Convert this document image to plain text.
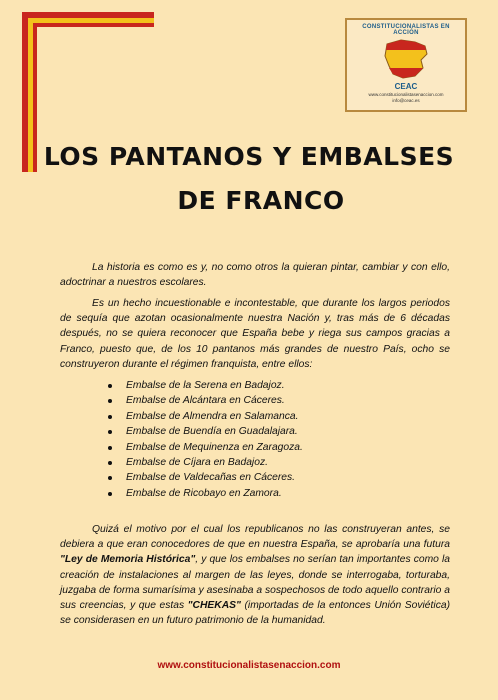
CONSTITUCIONALISTAS EN ACCIÓN
CEAC
www.constitucionalistasenaccion.com
info@ceac.es
LOS PANTANOS Y EMBALSES
DE FRANCO
La historia es como es y, no como otros la quieran pintar, cambiar y con ello, adoctrinar a nuestros escolares.
Es un hecho incuestionable e incontestable, que durante los largos periodos de sequía que azotan ocasionalmente nuestra Nación y, tras más de 6 décadas después, no se quiera reconocer que España bebe y riega sus campos gracias a Franco, puesto que, de los 10 pantanos más grandes de nuestro País, ocho se construyeron durante el régimen franquista, entre ellos:
Embalse de la Serena en Badajoz.
Embalse de Alcántara en Cáceres.
Embalse de Almendra en Salamanca.
Embalse de Buendía en Guadalajara.
Embalse de Mequinenza en Zaragoza.
Embalse de Cíjara en Badajoz.
Embalse de Valdecañas en Cáceres.
Embalse de Ricobayo en Zamora.
Quizá el motivo por el cual los republicanos no las construyeran antes, se debiera a que eran conocedores de que en nuestra España, se aprobaría una futura "Ley de Memoria Histórica", y que los embalses no serían tan importantes como la creación de instalaciones al margen de las leyes, donde se interrogaba, torturaba, juzgaba de forma sumarísima y asesinaba a sospechosos de todo aquello contrario a sus creencias, y que estas "CHEKAS" (importadas de la entonces Unión Soviética) se considerasen en un futuro patrimonio de la humanidad.
www.constitucionalistasenaccion.com
